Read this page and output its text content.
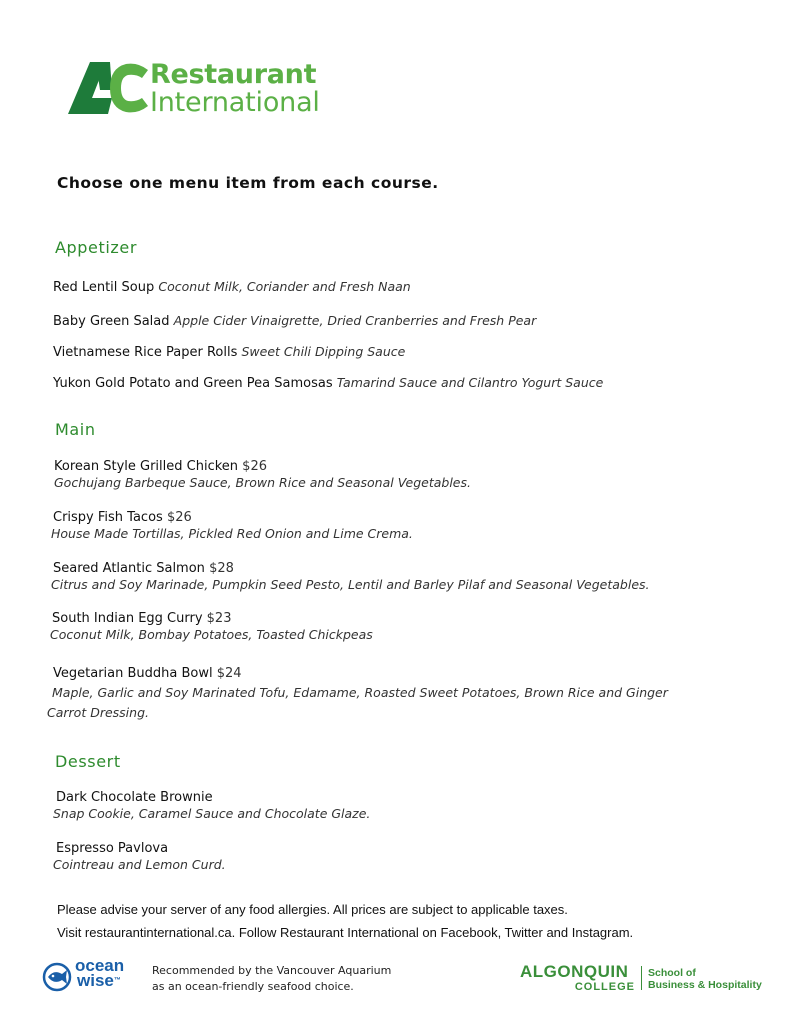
Restaurant
International
Choose one menu item from each course.
Appetizer
Red Lentil Soup Coconut Milk, Coriander and Fresh Naan
Baby Green Salad Apple Cider Vinaigrette, Dried Cranberries and Fresh Pear
Vietnamese Rice Paper Rolls Sweet Chili Dipping Sauce
Yukon Gold Potato and Green Pea Samosas Tamarind Sauce and Cilantro Yogurt Sauce
Main
Korean Style Grilled Chicken $26
Gochujang Barbeque Sauce, Brown Rice and Seasonal Vegetables.
Crispy Fish Tacos $26
House Made Tortillas, Pickled Red Onion and Lime Crema.
Seared Atlantic Salmon $28
Citrus and Soy Marinade, Pumpkin Seed Pesto, Lentil and Barley Pilaf and Seasonal Vegetables.
South Indian Egg Curry $23
Coconut Milk, Bombay Potatoes, Toasted Chickpeas
Vegetarian Buddha Bowl $24
Maple, Garlic and Soy Marinated Tofu, Edamame, Roasted Sweet Potatoes, Brown Rice and Ginger
Carrot Dressing.
Dessert
Dark Chocolate Brownie
Snap Cookie, Caramel Sauce and Chocolate Glaze.
Espresso Pavlova
Cointreau and Lemon Curd.
Please advise your server of any food allergies. All prices are subject to applicable taxes.
Visit restaurantinternational.ca. Follow Restaurant International on Facebook, Twitter and Instagram.
ocean
wise™
Recommended by the Vancouver Aquarium
as an ocean-friendly seafood choice.
ALGONQUIN
COLLEGE
School of
Business & Hospitality
